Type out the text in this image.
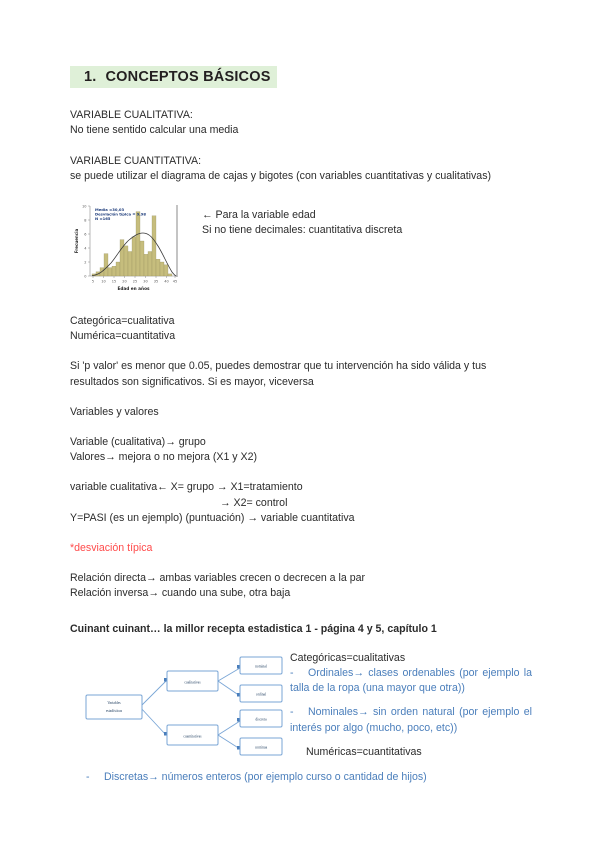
1. CONCEPTOS BÁSICOS

VARIABLE CUALITATIVA:

No tiene sentido calcular una media

VARIABLE CUANTITATIVA:

se puede utilizar el diagrama de cajas y bigotes (con variables cuantitativas y cualitativas)

0
2
4
6
8
10
5 10 15 20 25 30 35 40 45
Edad en años
Frecuencia
Media =30,03
Desviación típica = 9,98
N =165	← Para la variable edad

Si no tiene decimales: cuantitativa discreta

Categórica=cualitativa

Numérica=cuantitativa

Si 'p valor' es menor que 0.05, puedes demostrar que tu intervención ha sido válida y tus resultados son significativos. Si es mayor, viceversa

Variables y valores

Variable (cualitativa)→ grupo

Valores→ mejora o no mejora (X1 y X2)

variable cualitativa← X= grupo → X1=tratamiento

→ X2= control

Y=PASI (es un ejemplo) (puntuación) → variable cuantitativa

*desviación típica

Relación directa→ ambas variables crecen o decrecen a la par

Relación inversa→ cuando una sube, otra baja

Cuinant cuinant… la millor recepta estadistica 1 - página 4 y 5, capítulo 1

Variables
estadísticas
cualitativas
cuantitativas
nominal
ordinal
discreta
continua

Categóricas=cualitativas

- Ordinales→ clases ordenables (por ejemplo la talla de la ropa (una mayor que otra))

- Nominales→ sin orden natural (por ejemplo el interés por algo (mucho, poco, etc))

Numéricas=cuantitativas

- Discretas→ números enteros (por ejemplo curso o cantidad de hijos)
